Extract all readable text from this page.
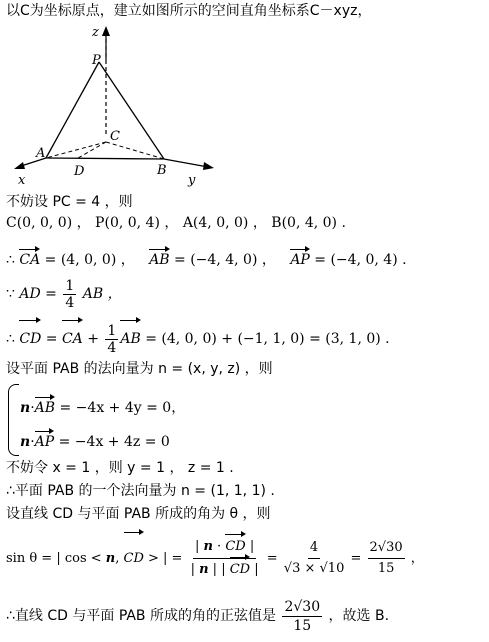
以C为坐标原点，建立如图所示的空间直角坐标系C－xyz，
z
P
C
A
D	B
x	y
不妨设 PC = 4 ，则
C(0, 0, 0) ， P(0, 0, 4) ， A(4, 0, 0) ， B(0, 4, 0) .
∴ CA = (4, 0, 0) ， AB = (−4, 4, 0) ， AP = (−4, 0, 4) .
∵ AD = $\frac{1}{4}$ AB ，
∴ CD = CA + $\frac{1}{4}$ AB = (4, 0, 0) + (−1, 1, 0) = (3, 1, 0) .
设平面 PAB 的法向量为 n = (x, y, z) ，则
n·AB = −4x + 4y = 0，
n·AP = −4x + 4z = 0
不妨令 x = 1 ，则 y = 1 ， z = 1 .
∴平面 PAB 的一个法向量为 n = (1, 1, 1) .
设直线 CD 与平面 PAB 所成的角为 θ ，则
sin θ = | cos < n, CD > | = $\frac{| n \cdot CD |}{| n | | CD |} = \frac{4}{√3 \times √10} = \frac{2√30}{15}$ ，
∴直线 CD 与平面 PAB 所成的角的正弦值是 $\frac{2√30}{15}$ ，故选 B.
